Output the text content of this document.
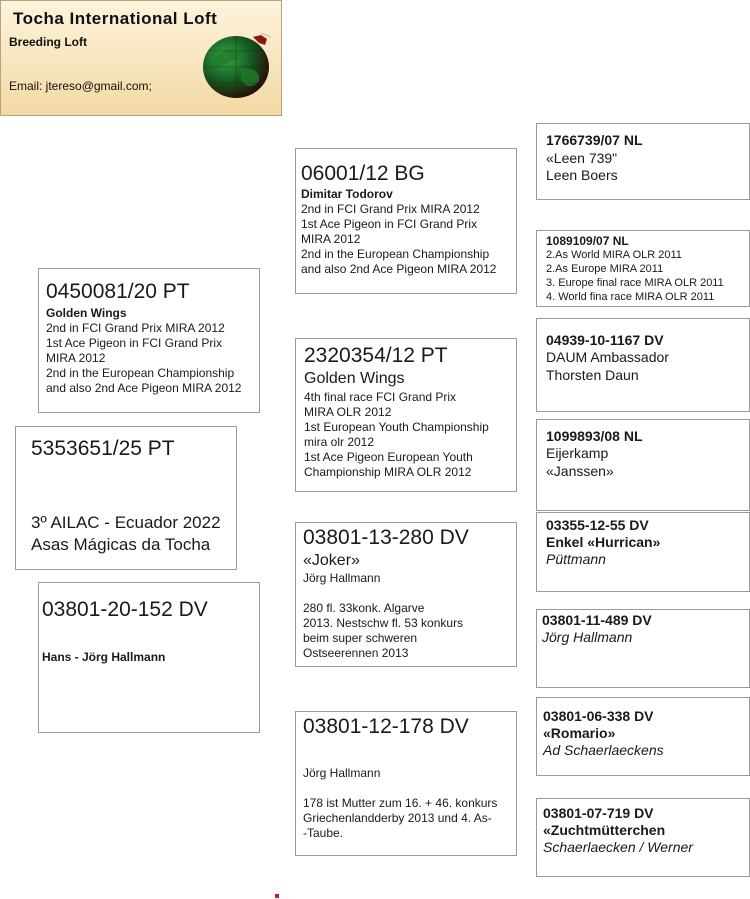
Tocha International Loft
Breeding Loft
Email: jtereso@gmail.com;
5353651/25 PT
3º AILAC - Ecuador 2022
Asas Mágicas da Tocha
0450081/20 PT
Golden Wings
2nd in FCI Grand Prix MIRA 2012
1st Ace Pigeon in FCI Grand Prix
MIRA 2012
2nd in the European Championship
and also 2nd Ace Pigeon MIRA 2012
03801-20-152 DV
Hans - Jörg Hallmann
06001/12 BG
Dimitar Todorov
2nd in FCI Grand Prix MIRA 2012
1st Ace Pigeon in FCI Grand Prix
MIRA 2012
2nd in the European Championship
and also 2nd Ace Pigeon MIRA 2012
2320354/12 PT
Golden Wings
4th final race FCI Grand Prix
MIRA OLR 2012
1st European Youth Championship
mira olr 2012
1st Ace Pigeon European Youth
Championship MIRA OLR 2012
03801-13-280 DV
«Joker»
Jörg Hallmann
280 fl. 33konk. Algarve
2013. Nestschw fl. 53 konkurs
beim super schweren
Ostseerennen 2013
03801-12-178 DV
Jörg Hallmann
178 ist Mutter zum 16. + 46. konkurs
Griechenlandderby 2013 und 4. As-
-Taube.
1766739/07 NL
«Leen 739"
Leen Boers
1089109/07 NL
2.As World MIRA OLR 2011
2.As Europe MIRA 2011
3. Europe final race MIRA OLR 2011
4. World fina race MIRA OLR 2011
04939-10-1167 DV
DAUM Ambassador
Thorsten Daun
1099893/08 NL
Eijerkamp
«Janssen»
03355-12-55 DV
Enkel «Hurrican»
Püttmann
03801-11-489 DV
Jörg Hallmann
03801-06-338 DV
«Romario»
Ad Schaerlaeckens
03801-07-719 DV
«Zuchtmütterchen
Schaerlaecken / Werner
